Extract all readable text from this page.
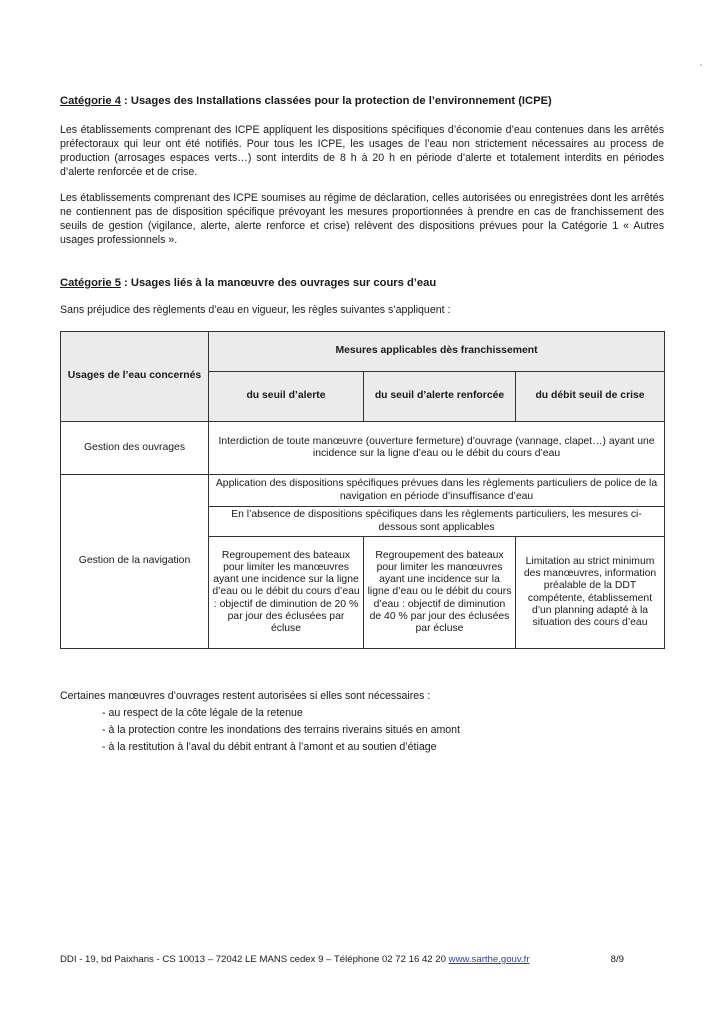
Catégorie 4 : Usages des Installations classées pour la protection de l’environnement (ICPE)

Les établissements comprenant des ICPE appliquent les dispositions spécifiques d’économie d’eau contenues dans les arrêtés préfectoraux qui leur ont été notifiés. Pour tous les ICPE, les usages de l’eau non strictement nécessaires au process de production (arrosages espaces verts…) sont interdits de 8 h à 20 h en période d’alerte et totalement interdits en périodes d’alerte renforcée et de crise.

Les établissements comprenant des ICPE soumises au régime de déclaration, celles autorisées ou enregistrées dont les arrêtés ne contiennent pas de disposition spécifique prévoyant les mesures proportionnées à prendre en cas de franchissement des seuils de gestion (vigilance, alerte, alerte renforce et crise) relèvent des dispositions prévues pour la Catégorie 1 « Autres usages professionnels ».

Catégorie 5 : Usages liés à la manœuvre des ouvrages sur cours d’eau

Sans préjudice des règlements d’eau en vigueur, les règles suivantes s’appliquent :

Usages de l’eau concernés	Mesures applicables dès franchissement		
	du seuil d’alerte	du seuil d’alerte renforcée	du débit seuil de crise
Gestion des ouvrages	Interdiction de toute manœuvre (ouverture fermeture) d’ouvrage (vannage, clapet…) ayant une incidence sur la ligne d’eau ou le débit du cours d’eau		
Gestion de la navigation	Application des dispositions spécifiques prévues dans les règlements particuliers de police de la navigation en période d’insuffisance d’eau		
	En l’absence de dispositions spécifiques dans les règlements particuliers, les mesures ci-dessous sont applicables		
	Regroupement des bateaux pour limiter les manœuvres ayant une incidence sur la ligne d’eau ou le débit du cours d’eau : objectif de diminution de 20 % par jour des éclusées par écluse	Regroupement des bateaux pour limiter les manœuvres ayant une incidence sur la ligne d’eau ou le débit du cours d’eau : objectif de diminution de 40 % par jour des éclusées par écluse	Limitation au strict minimum des manœuvres, information préalable de la DDT compétente, établissement d’un planning adapté à la situation des cours d’eau

Certaines manœuvres d’ouvrages restent autorisées si elles sont nécessaires :

- au respect de la côte légale de la retenue
- à la protection contre les inondations des terrains riverains situés en amont
- à la restitution à l’aval du débit entrant à l’amont et au soutien d’étiage
DDI - 19, bd Paixhans - CS 10013 – 72042 LE MANS cedex 9 – Téléphone 02 72 16 42 20 www.sarthe.gouv.fr	8/9
